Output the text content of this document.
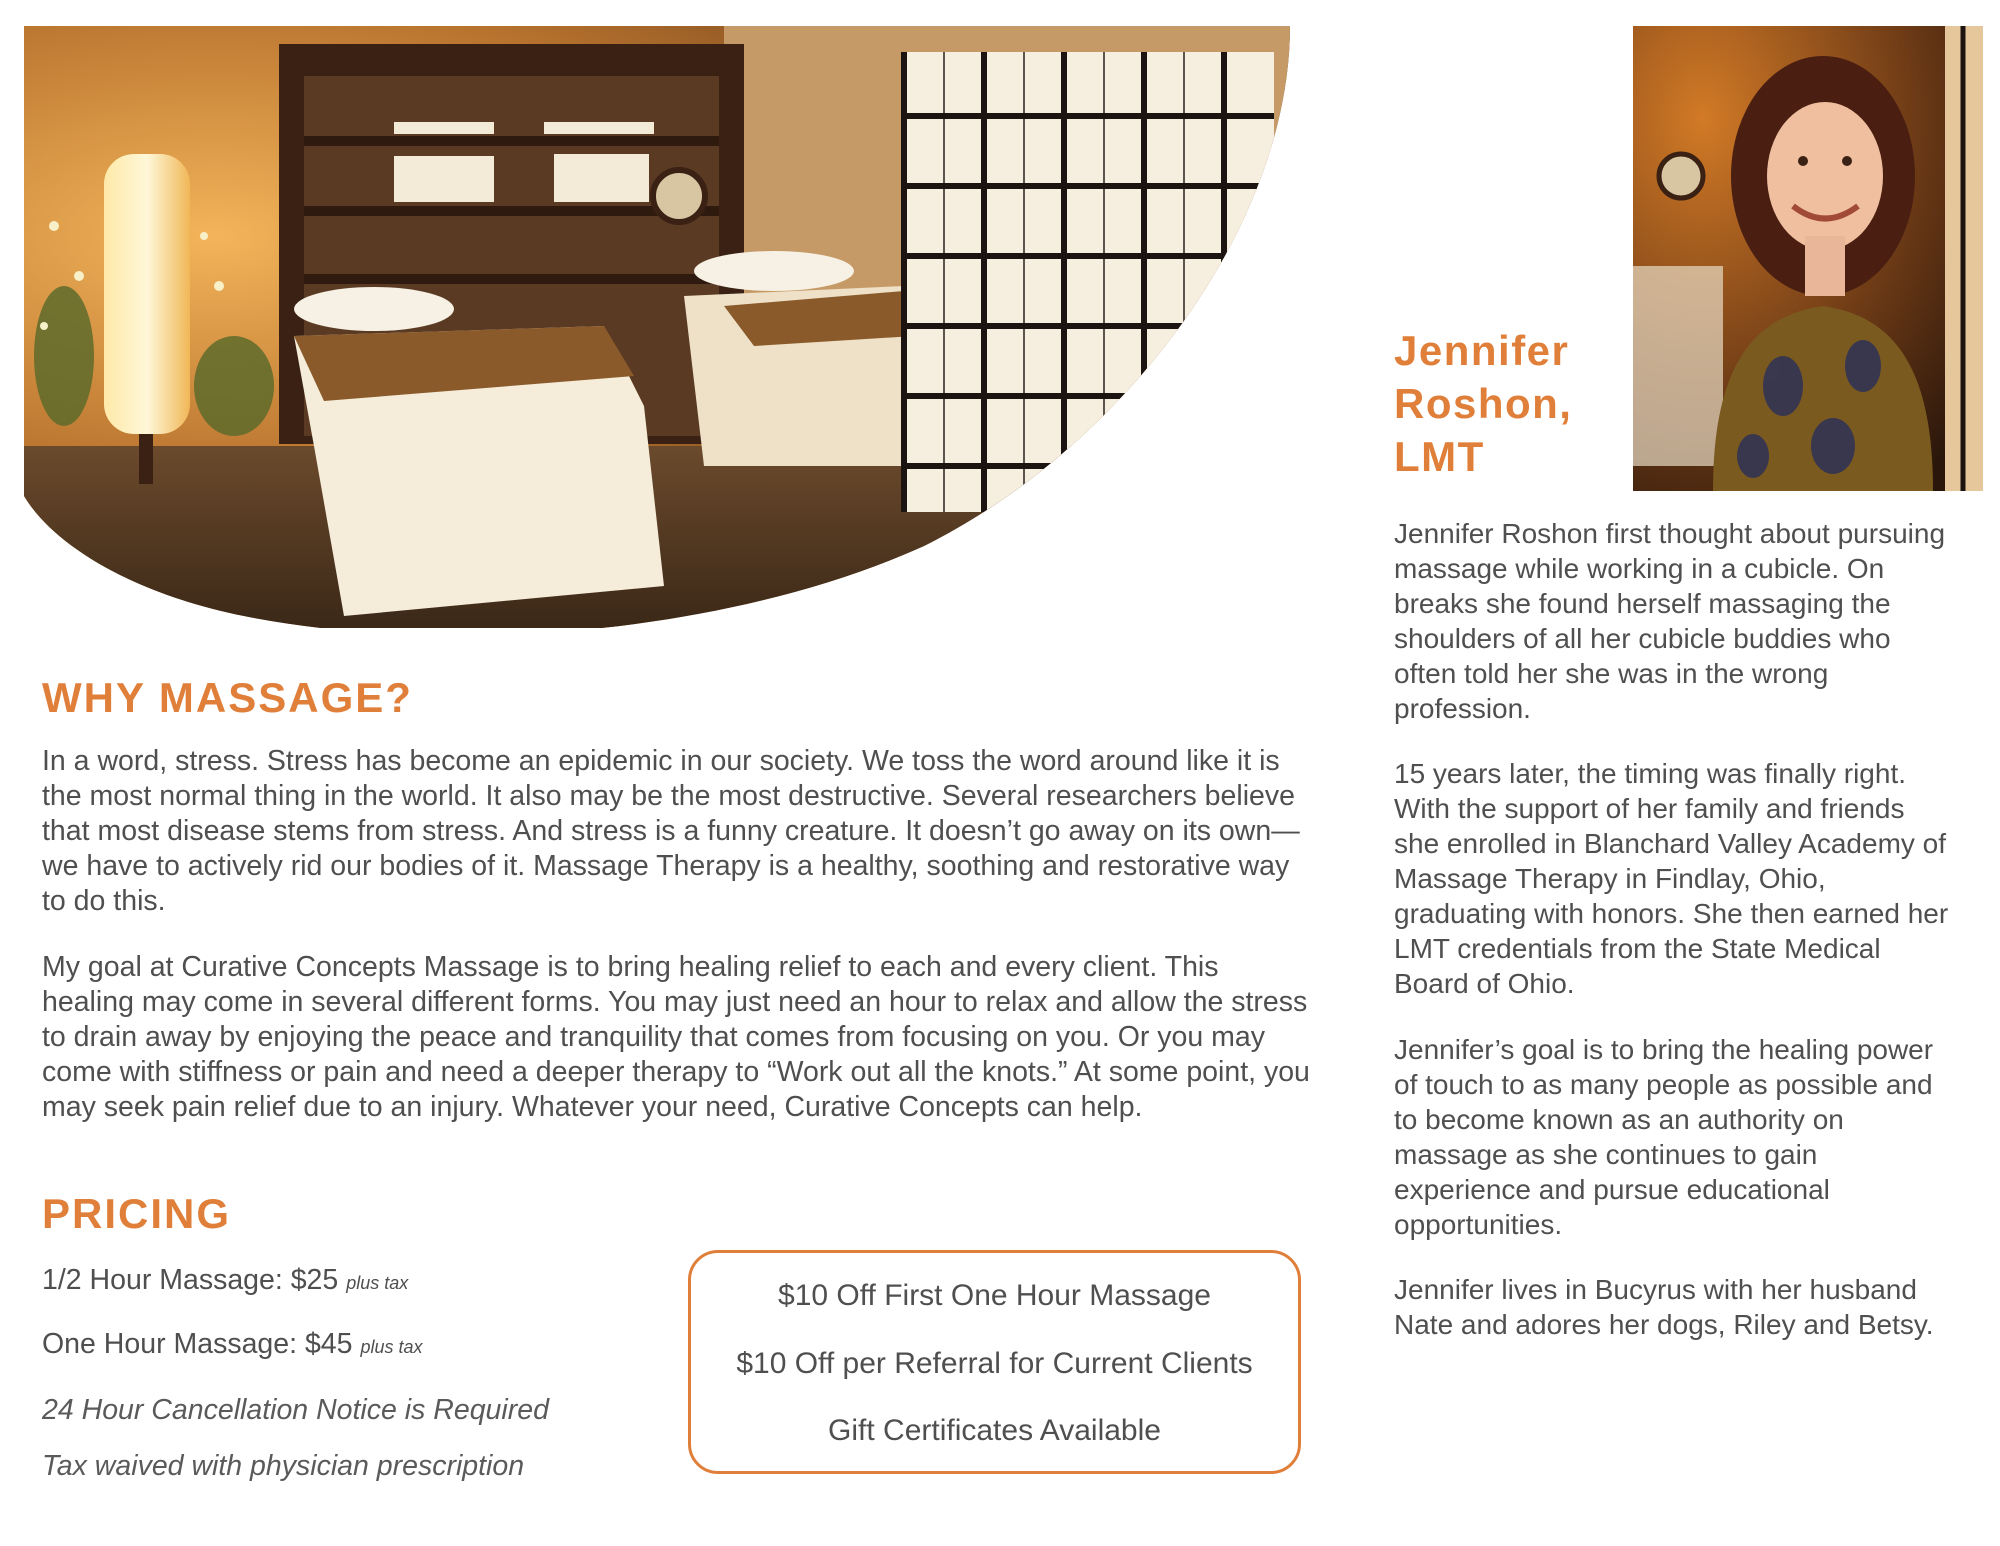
WHY MASSAGE?

In a word, stress. Stress has become an epidemic in our society. We toss the word around like it is the most normal thing in the world. It also may be the most destructive. Several researchers believe that most disease stems from stress. And stress is a funny creature. It doesn’t go away on its own—we have to actively rid our bodies of it. Massage Therapy is a healthy, soothing and restorative way to do this.

My goal at Curative Concepts Massage is to bring healing relief to each and every client. This healing may come in several different forms. You may just need an hour to relax and allow the stress to drain away by enjoying the peace and tranquility that comes from focusing on you. Or you may come with stiffness or pain and need a deeper therapy to “Work out all the knots.” At some point, you may seek pain relief due to an injury. Whatever your need, Curative Concepts can help.

PRICING

1/2 Hour Massage: $25 plus tax

One Hour Massage: $45 plus tax

24 Hour Cancellation Notice is Required

Tax waived with physician prescription

$10 Off First One Hour Massage

$10 Off per Referral for Current Clients

Gift Certificates Available

Jennifer
Roshon,
LMT

Jennifer Roshon first thought about pursuing massage while working in a cubicle. On breaks she found herself massaging the shoulders of all her cubicle buddies who often told her she was in the wrong profession.

15 years later, the timing was finally right. With the support of her family and friends she enrolled in Blanchard Valley Academy of Massage Therapy in Findlay, Ohio, graduating with honors. She then earned her LMT credentials from the State Medical Board of Ohio.

Jennifer’s goal is to bring the healing power of touch to as many people as possible and to become known as an authority on massage as she continues to gain experience and pursue educational opportunities.

Jennifer lives in Bucyrus with her husband Nate and adores her dogs, Riley and Betsy.
